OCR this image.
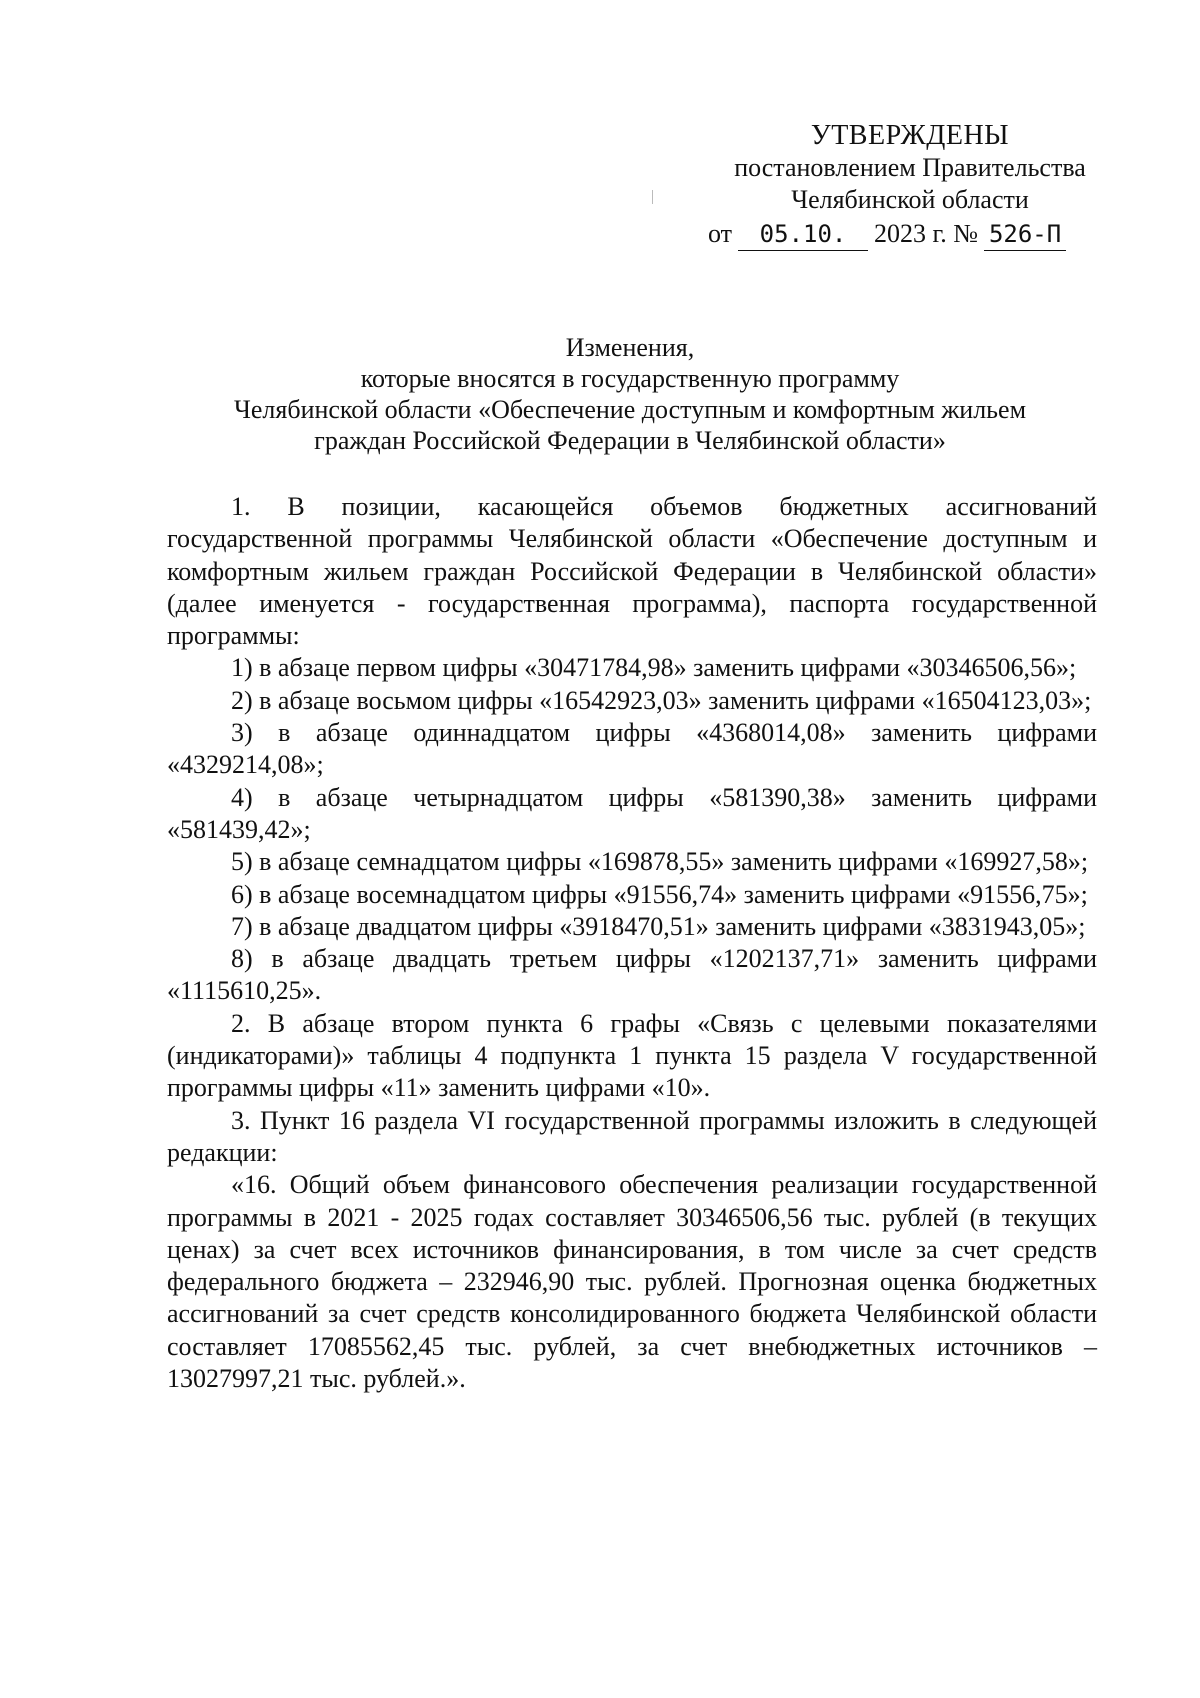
УТВЕРЖДЕНЫ
постановлением Правительства
Челябинской области
от 05.10. 2023 г. № 526-П
Изменения,
которые вносятся в государственную программу
Челябинской области «Обеспечение доступным и комфортным жильем
граждан Российской Федерации в Челябинской области»

1. В позиции, касающейся объемов бюджетных ассигнований государственной программы Челябинской области «Обеспечение доступным и комфортным жильем граждан Российской Федерации в Челябинской области» (далее именуется - государственная программа), паспорта государственной программы:

1) в абзаце первом цифры «30471784,98» заменить цифрами «30346506,56»;

2) в абзаце восьмом цифры «16542923,03» заменить цифрами «16504123,03»;

3) в абзаце одиннадцатом цифры «4368014,08» заменить цифрами «4329214,08»;

4) в абзаце четырнадцатом цифры «581390,38» заменить цифрами «581439,42»;

5) в абзаце семнадцатом цифры «169878,55» заменить цифрами «169927,58»;

6) в абзаце восемнадцатом цифры «91556,74» заменить цифрами «91556,75»;

7) в абзаце двадцатом цифры «3918470,51» заменить цифрами «3831943,05»;

8) в абзаце двадцать третьем цифры «1202137,71» заменить цифрами «1115610,25».

2. В абзаце втором пункта 6 графы «Связь с целевыми показателями (индикаторами)» таблицы 4 подпункта 1 пункта 15 раздела V государственной программы цифры «11» заменить цифрами «10».

3. Пункт 16 раздела VI государственной программы изложить в следующей редакции:

«16. Общий объем финансового обеспечения реализации государственной программы в 2021 - 2025 годах составляет 30346506,56 тыс. рублей (в текущих ценах) за счет всех источников финансирования, в том числе за счет средств федерального бюджета – 232946,90 тыс. рублей. Прогнозная оценка бюджетных ассигнований за счет средств консолидированного бюджета Челябинской области составляет 17085562,45 тыс. рублей, за счет внебюджетных источников – 13027997,21 тыс. рублей.».
